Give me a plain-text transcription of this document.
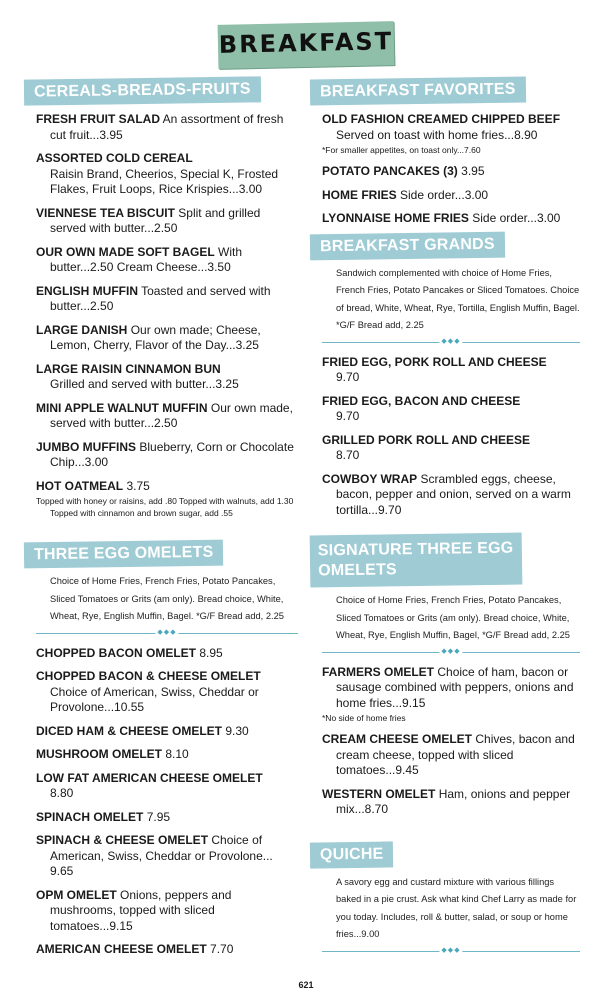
BREAKFAST
CEREALS-BREADS-FRUITS
FRESH FRUIT SALAD An assortment of fresh cut fruit...3.95
ASSORTED COLD CEREAL
Raisin Brand, Cheerios, Special K, Frosted Flakes, Fruit Loops, Rice Krispies...3.00
VIENNESE TEA BISCUIT Split and grilled served with butter...2.50
OUR OWN MADE SOFT BAGEL With butter...2.50 Cream Cheese...3.50
ENGLISH MUFFIN Toasted and served with butter...2.50
LARGE DANISH Our own made; Cheese, Lemon, Cherry, Flavor of the Day...3.25
LARGE RAISIN CINNAMON BUN
Grilled and served with butter...3.25
MINI APPLE WALNUT MUFFIN Our own made, served with butter...2.50
JUMBO MUFFINS Blueberry, Corn or Chocolate Chip...3.00
HOT OATMEAL 3.75
Topped with honey or raisins, add .80 Topped with walnuts, add 1.30 Topped with cinnamon and brown sugar, add .55
THREE EGG OMELETS
Choice of Home Fries, French Fries, Potato Pancakes, Sliced Tomatoes or Grits (am only). Bread choice, White, Wheat, Rye, English Muffin, Bagel. *G/F Bread add, 2.25
◆◆◆
CHOPPED BACON OMELET 8.95
CHOPPED BACON & CHEESE OMELET
Choice of American, Swiss, Cheddar or Provolone...10.55
DICED HAM & CHEESE OMELET 9.30
MUSHROOM OMELET 8.10
LOW FAT AMERICAN CHEESE OMELET
8.80
SPINACH OMELET 7.95
SPINACH & CHEESE OMELET Choice of American, Swiss, Cheddar or Provolone... 9.65
OPM OMELET Onions, peppers and mushrooms, topped with sliced tomatoes...9.15
AMERICAN CHEESE OMELET 7.70
BREAKFAST FAVORITES
OLD FASHION CREAMED CHIPPED BEEF
Served on toast with home fries...8.90
*For smaller appetites, on toast only...7.60
POTATO PANCAKES (3) 3.95
HOME FRIES Side order...3.00
LYONNAISE HOME FRIES Side order...3.00
BREAKFAST GRANDS
Sandwich complemented with choice of Home Fries, French Fries, Potato Pancakes or Sliced Tomatoes. Choice of bread, White, Wheat, Rye, Tortilla, English Muffin, Bagel. *G/F Bread add, 2.25
◆◆◆
FRIED EGG, PORK ROLL AND CHEESE
9.70
FRIED EGG, BACON AND CHEESE
9.70
GRILLED PORK ROLL AND CHEESE
8.70
COWBOY WRAP Scrambled eggs, cheese, bacon, pepper and onion, served on a warm tortilla...9.70
SIGNATURE THREE EGG
OMELETS
Choice of Home Fries, French Fries, Potato Pancakes, Sliced Tomatoes or Grits (am only). Bread choice, White, Wheat, Rye, English Muffin, Bagel, *G/F Bread add, 2.25
◆◆◆
FARMERS OMELET Choice of ham, bacon or sausage combined with peppers, onions and home fries...9.15
*No side of home fries
CREAM CHEESE OMELET Chives, bacon and cream cheese, topped with sliced tomatoes...9.45
WESTERN OMELET Ham, onions and pepper mix...8.70
QUICHE
A savory egg and custard mixture with various fillings baked in a pie crust. Ask what kind Chef Larry as made for you today. Includes, roll & butter, salad, or soup or home fries...9.00
◆◆◆
621
